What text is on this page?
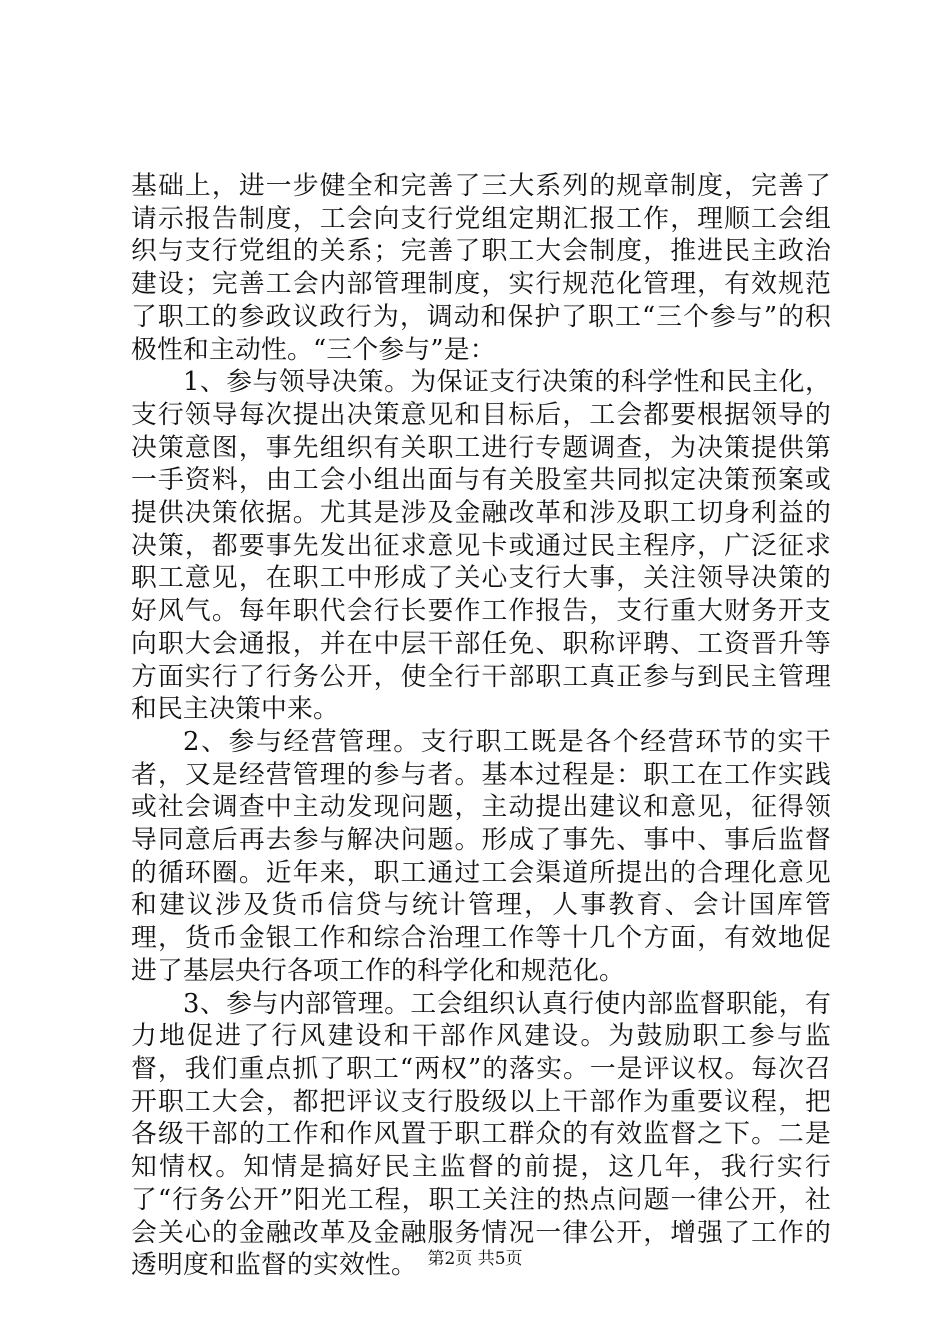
基础上，进一步健全和完善了三大系列的规章制度，完善了请示报告制度，工会向支行党组定期汇报工作，理顺工会组织与支行党组的关系；完善了职工大会制度，推进民主政治建设；完善工会内部管理制度，实行规范化管理，有效规范了职工的参政议政行为，调动和保护了职工“三个参与”的积极性和主动性。“三个参与”是：

1、参与领导决策。为保证支行决策的科学性和民主化，支行领导每次提出决策意见和目标后，工会都要根据领导的决策意图，事先组织有关职工进行专题调查，为决策提供第一手资料，由工会小组出面与有关股室共同拟定决策预案或提供决策依据。尤其是涉及金融改革和涉及职工切身利益的决策，都要事先发出征求意见卡或通过民主程序，广泛征求职工意见，在职工中形成了关心支行大事，关注领导决策的好风气。每年职代会行长要作工作报告，支行重大财务开支向职大会通报，并在中层干部任免、职称评聘、工资晋升等方面实行了行务公开，使全行干部职工真正参与到民主管理和民主决策中来。

2、参与经营管理。支行职工既是各个经营环节的实干者，又是经营管理的参与者。基本过程是：职工在工作实践或社会调查中主动发现问题，主动提出建议和意见，征得领导同意后再去参与解决问题。形成了事先、事中、事后监督的循环圈。近年来，职工通过工会渠道所提出的合理化意见和建议涉及货币信贷与统计管理，人事教育、会计国库管理，货币金银工作和综合治理工作等十几个方面，有效地促进了基层央行各项工作的科学化和规范化。

3、参与内部管理。工会组织认真行使内部监督职能，有力地促进了行风建设和干部作风建设。为鼓励职工参与监督，我们重点抓了职工“两权”的落实。一是评议权。每次召开职工大会，都把评议支行股级以上干部作为重要议程，把各级干部的工作和作风置于职工群众的有效监督之下。二是知情权。知情是搞好民主监督的前提，这几年，我行实行了“行务公开”阳光工程，职工关注的热点问题一律公开，社会关心的金融改革及金融服务情况一律公开，增强了工作的透明度和监督的实效性。 第2页 共5页
